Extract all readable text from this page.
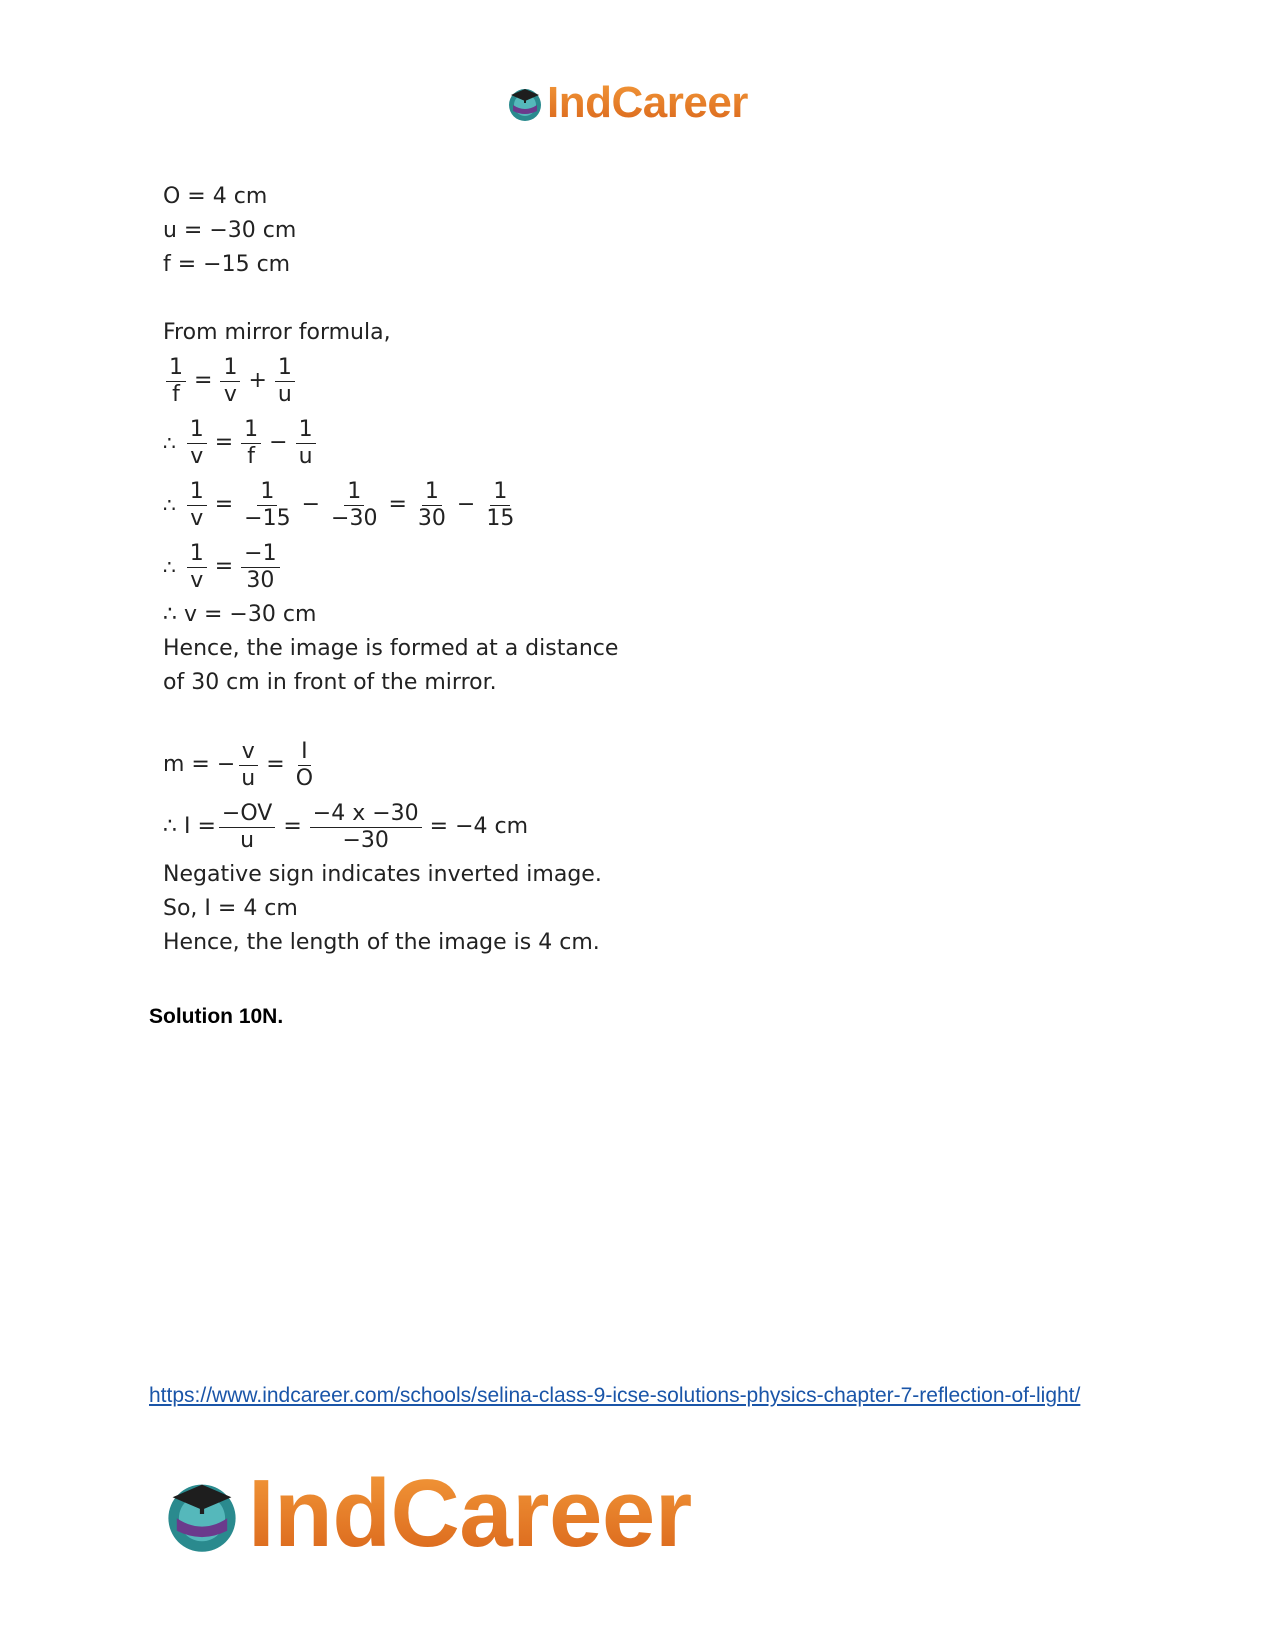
IndCareer
O = 4 cm
u = −30 cm
f = −15 cm
From mirror formula,
$\frac{1}{f} = \frac{1}{v} + \frac{1}{u}$
∴ $\frac{1}{v} = \frac{1}{f} - \frac{1}{u}$
∴ $\frac{1}{v} = \frac{1}{-15} - \frac{1}{-30} = \frac{1}{30} - \frac{1}{15}$
∴ $\frac{1}{v} = \frac{-1}{30}$
∴ v = −30 cm
Hence, the image is formed at a distance
of 30 cm in front of the mirror.
m = − $\frac{v}{u} = \frac{I}{O}$
∴ $I = \frac{-OV}{u} = \frac{-4 x -30}{-30} = -4$ cm
Negative sign indicates inverted image.
So, I = 4 cm
Hence, the length of the image is 4 cm.
Solution 10N.
https://www.indcareer.com/schools/selina-class-9-icse-solutions-physics-chapter-7-reflection-of-light/
IndCareer
